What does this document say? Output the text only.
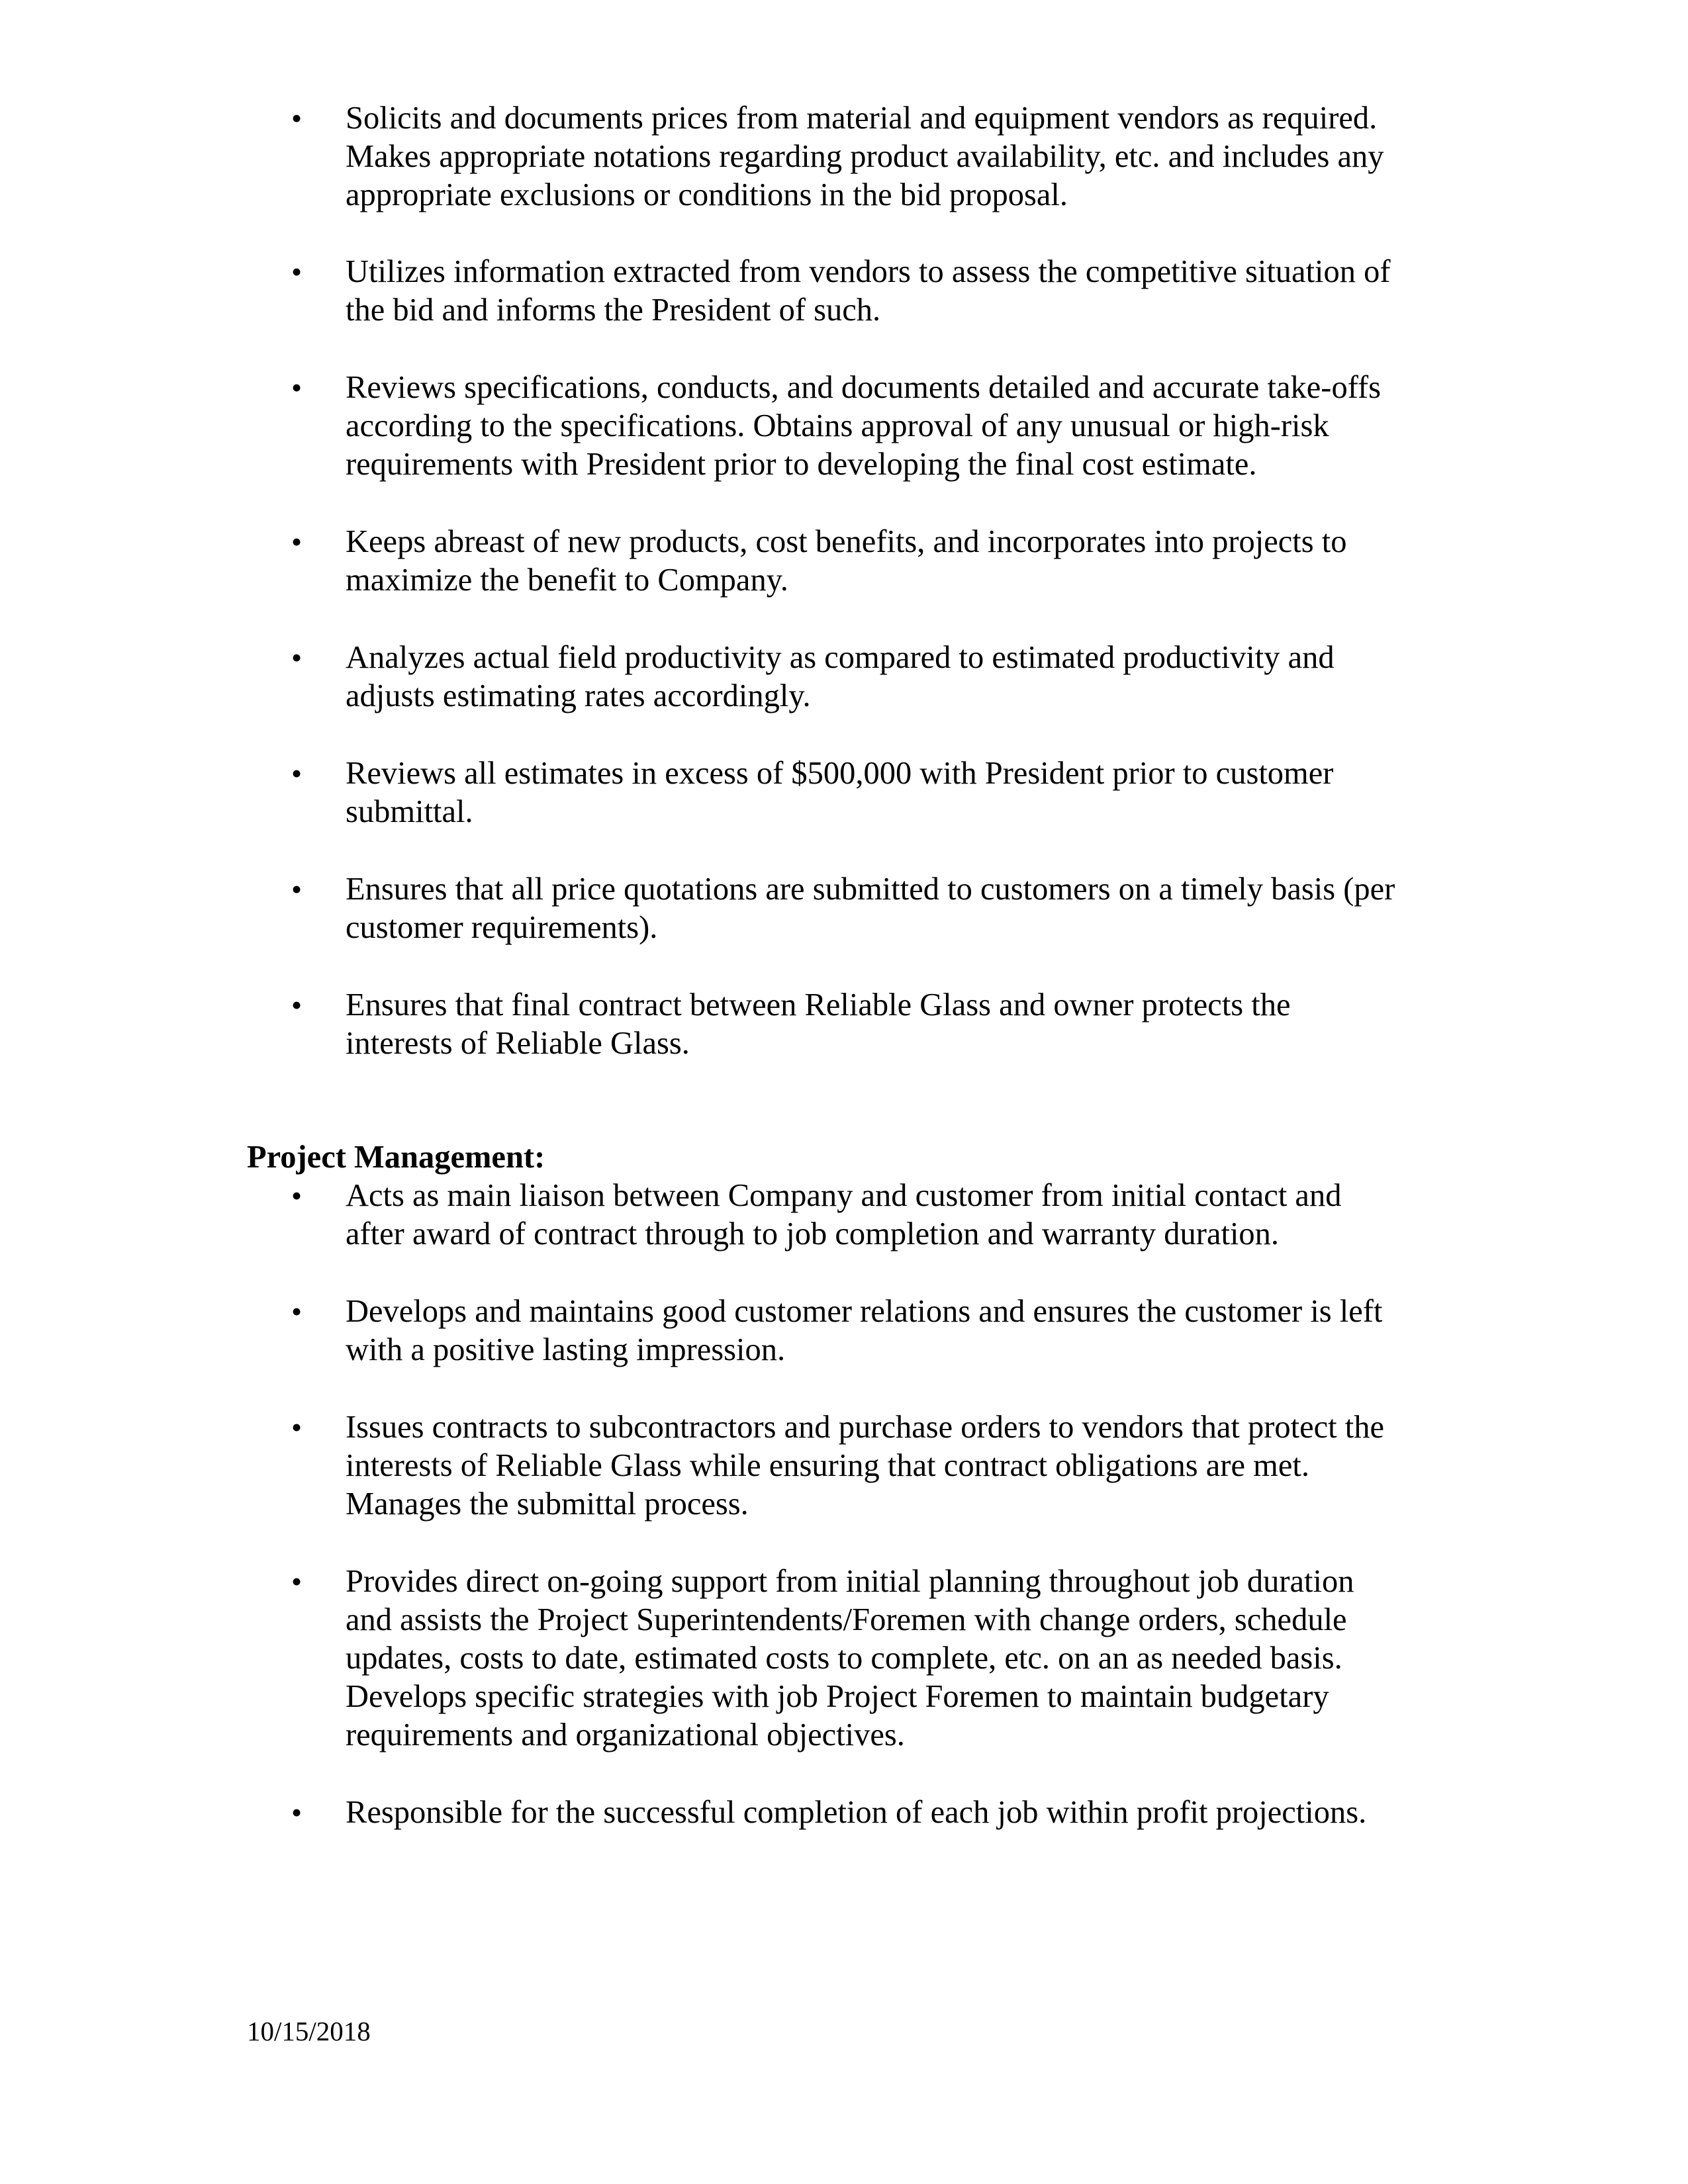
• Solicits and documents prices from material and equipment vendors as required.
Makes appropriate notations regarding product availability, etc. and includes any
appropriate exclusions or conditions in the bid proposal.
• Utilizes information extracted from vendors to assess the competitive situation of
the bid and informs the President of such.
• Reviews specifications, conducts, and documents detailed and accurate take-offs
according to the specifications. Obtains approval of any unusual or high-risk
requirements with President prior to developing the final cost estimate.
• Keeps abreast of new products, cost benefits, and incorporates into projects to
maximize the benefit to Company.
• Analyzes actual field productivity as compared to estimated productivity and
adjusts estimating rates accordingly.
• Reviews all estimates in excess of $500,000 with President prior to customer
submittal.
• Ensures that all price quotations are submitted to customers on a timely basis (per
customer requirements).
• Ensures that final contract between Reliable Glass and owner protects the
interests of Reliable Glass.
Project Management:
• Acts as main liaison between Company and customer from initial contact and
after award of contract through to job completion and warranty duration.
• Develops and maintains good customer relations and ensures the customer is left
with a positive lasting impression.
• Issues contracts to subcontractors and purchase orders to vendors that protect the
interests of Reliable Glass while ensuring that contract obligations are met.
Manages the submittal process.
• Provides direct on-going support from initial planning throughout job duration
and assists the Project Superintendents/Foremen with change orders, schedule
updates, costs to date, estimated costs to complete, etc. on an as needed basis.
Develops specific strategies with job Project Foremen to maintain budgetary
requirements and organizational objectives.
• Responsible for the successful completion of each job within profit projections.
10/15/2018
